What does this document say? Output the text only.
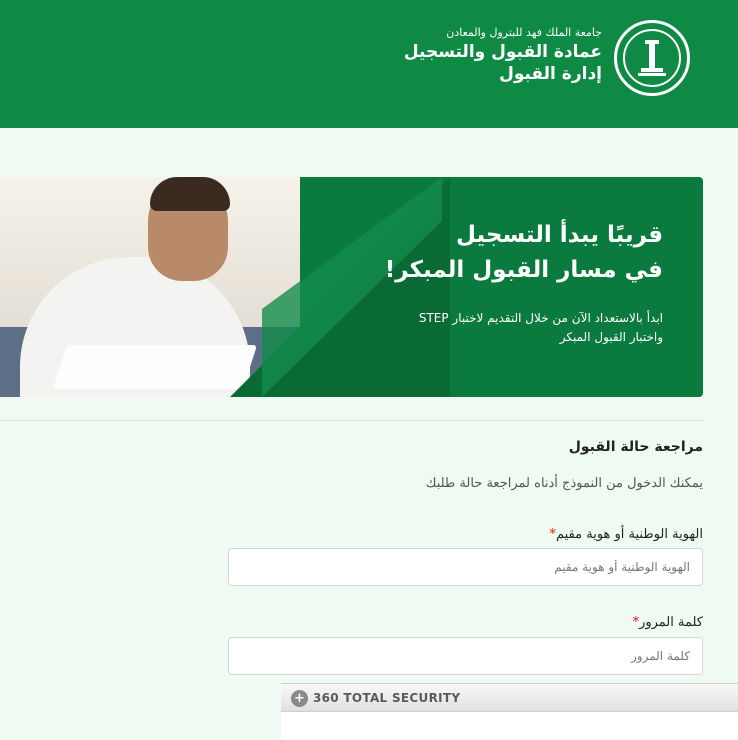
جامعة الملك فهد للبترول والمعادن
عمادة القبول والتسجيل
إدارة القبول
قريبًا يبدأ التسجيل
في مسار القبول المبكر!
ابدأ بالاستعداد الآن من خلال التقديم لاختبار STEP
واختبار القبول المبكر
مراجعة حالة القبول
يمكنك الدخول من النموذج أدناه لمراجعة حالة طلبك
الهوية الوطنية أو هوية مقيم*
الهوية الوطنية أو هوية مقيم
كلمة المرور*
+ 360 TOTAL SECURITY
